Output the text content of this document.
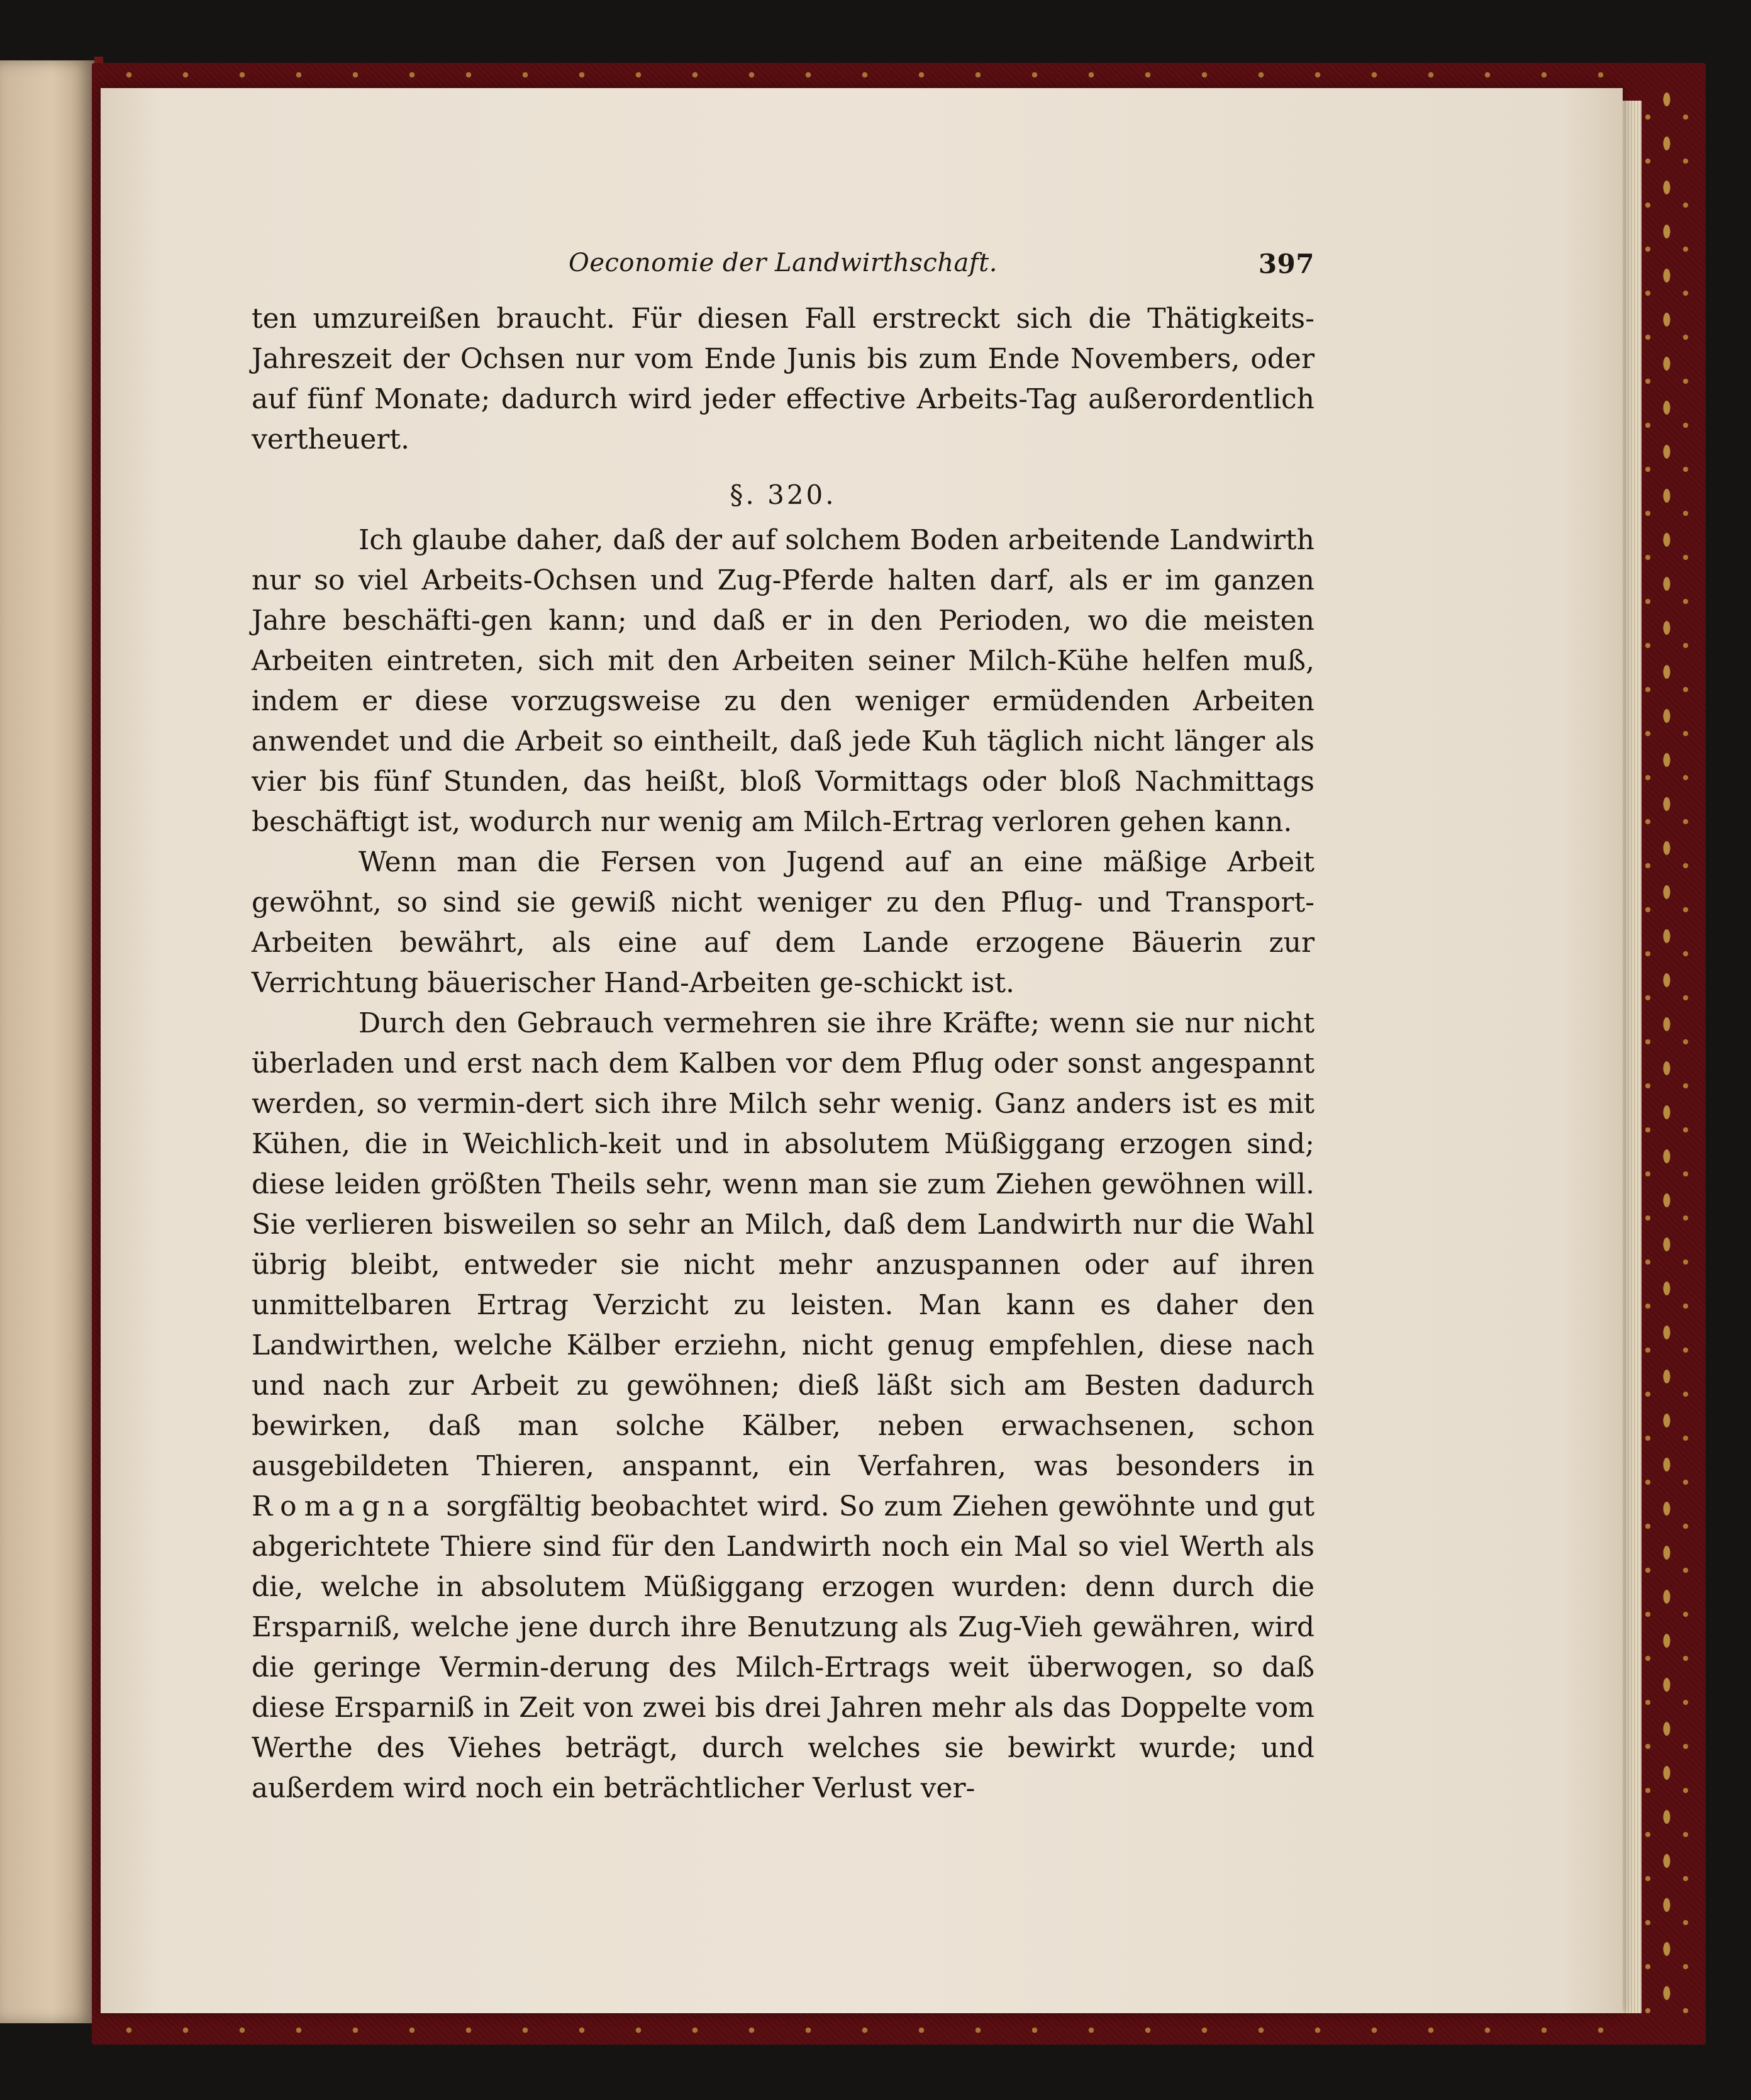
Oeconomie der Landwirthschaft.	397

ten umzureißen braucht. Für diesen Fall erstreckt sich die Thätigkeits-Jahreszeit der Ochsen nur vom Ende Junis bis zum Ende Novembers, oder auf fünf Monate; dadurch wird jeder effective Arbeits-Tag außerordentlich vertheuert.

§. 320.

Ich glaube daher, daß der auf solchem Boden arbeitende Landwirth nur so viel Arbeits-Ochsen und Zug-Pferde halten darf, als er im ganzen Jahre beschäfti-gen kann; und daß er in den Perioden, wo die meisten Arbeiten eintreten, sich mit den Arbeiten seiner Milch-Kühe helfen muß, indem er diese vorzugsweise zu den weniger ermüdenden Arbeiten anwendet und die Arbeit so eintheilt, daß jede Kuh täglich nicht länger als vier bis fünf Stunden, das heißt, bloß Vormittags oder bloß Nachmittags beschäftigt ist, wodurch nur wenig am Milch-Ertrag verloren gehen kann.

Wenn man die Fersen von Jugend auf an eine mäßige Arbeit gewöhnt, so sind sie gewiß nicht weniger zu den Pflug- und Transport-Arbeiten bewährt, als eine auf dem Lande erzogene Bäuerin zur Verrichtung bäuerischer Hand-Arbeiten ge-schickt ist.

Durch den Gebrauch vermehren sie ihre Kräfte; wenn sie nur nicht überladen und erst nach dem Kalben vor dem Pflug oder sonst angespannt werden, so vermin-dert sich ihre Milch sehr wenig. Ganz anders ist es mit Kühen, die in Weichlich-keit und in absolutem Müßiggang erzogen sind; diese leiden größten Theils sehr, wenn man sie zum Ziehen gewöhnen will. Sie verlieren bisweilen so sehr an Milch, daß dem Landwirth nur die Wahl übrig bleibt, entweder sie nicht mehr anzuspannen oder auf ihren unmittelbaren Ertrag Verzicht zu leisten. Man kann es daher den Landwirthen, welche Kälber erziehn, nicht genug empfehlen, diese nach und nach zur Arbeit zu gewöhnen; dieß läßt sich am Besten dadurch bewirken, daß man solche Kälber, neben erwachsenen, schon ausgebildeten Thieren, anspannt, ein Verfahren, was besonders in Romagna sorgfältig beobachtet wird. So zum Ziehen gewöhnte und gut abgerichtete Thiere sind für den Landwirth noch ein Mal so viel Werth als die, welche in absolutem Müßiggang erzogen wurden: denn durch die Ersparniß, welche jene durch ihre Benutzung als Zug-Vieh gewähren, wird die geringe Vermin-derung des Milch-Ertrags weit überwogen, so daß diese Ersparniß in Zeit von zwei bis drei Jahren mehr als das Doppelte vom Werthe des Viehes beträgt, durch welches sie bewirkt wurde; und außerdem wird noch ein beträchtlicher Verlust ver-
